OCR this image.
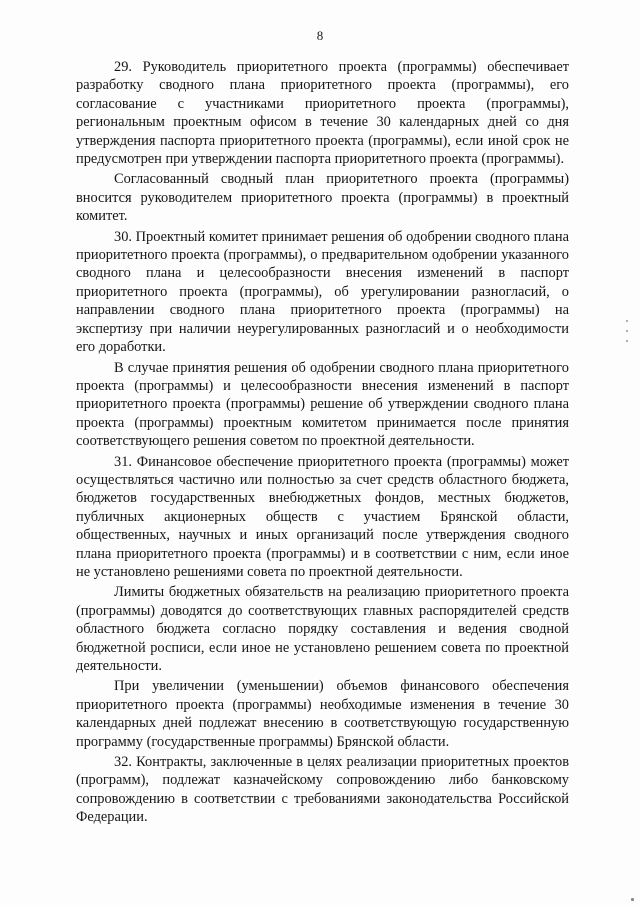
8

29. Руководитель приоритетного проекта (программы) обеспечивает разработку сводного плана приоритетного проекта (программы), его согласование с участниками приоритетного проекта (программы), региональным проектным офисом в течение 30 календарных дней со дня утверждения паспорта приоритетного проекта (программы), если иной срок не предусмотрен при утверждении паспорта приоритетного проекта (программы).

Согласованный сводный план приоритетного проекта (программы) вносится руководителем приоритетного проекта (программы) в проектный комитет.

30. Проектный комитет принимает решения об одобрении сводного плана приоритетного проекта (программы), о предварительном одобрении указанного сводного плана и целесообразности внесения изменений в паспорт приоритетного проекта (программы), об урегулировании разногласий, о направлении сводного плана приоритетного проекта (программы) на экспертизу при наличии неурегулированных разногласий и о необходимости его доработки.

В случае принятия решения об одобрении сводного плана приоритетного проекта (программы) и целесообразности внесения изменений в паспорт приоритетного проекта (программы) решение об утверждении сводного плана проекта (программы) проектным комитетом принимается после принятия соответствующего решения советом по проектной деятельности.

31. Финансовое обеспечение приоритетного проекта (программы) может осуществляться частично или полностью за счет средств областного бюджета, бюджетов государственных внебюджетных фондов, местных бюджетов, публичных акционерных обществ с участием Брянской области, общественных, научных и иных организаций после утверждения сводного плана приоритетного проекта (программы) и в соответствии с ним, если иное не установлено решениями совета по проектной деятельности.

Лимиты бюджетных обязательств на реализацию приоритетного проекта (программы) доводятся до соответствующих главных распорядителей средств областного бюджета согласно порядку составления и ведения сводной бюджетной росписи, если иное не установлено решением совета по проектной деятельности.

При увеличении (уменьшении) объемов финансового обеспечения приоритетного проекта (программы) необходимые изменения в течение 30 календарных дней подлежат внесению в соответствующую государственную программу (государственные программы) Брянской области.

32. Контракты, заключенные в целях реализации приоритетных проектов (программ), подлежат казначейскому сопровождению либо банковскому сопровождению в соответствии с требованиями законодательства Российской Федерации.
